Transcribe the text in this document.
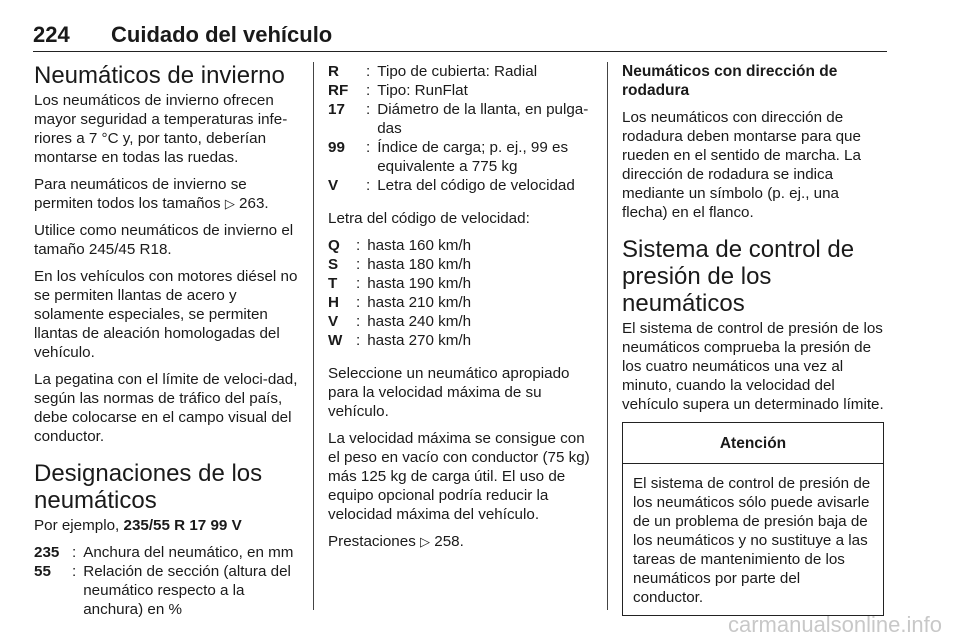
224 Cuidado del vehículo
Neumáticos de invierno

Los neumáticos de invierno ofrecen mayor seguridad a temperaturas infe-riores a 7 °C y, por tanto, deberían montarse en todas las ruedas.

Para neumáticos de invierno se permiten todos los tamaños ▷ 263.

Utilice como neumáticos de invierno el tamaño 245/45 R18.

En los vehículos con motores diésel no se permiten llantas de acero y solamente especiales, se permiten llantas de aleación homologadas del vehículo.

La pegatina con el límite de veloci-dad, según las normas de tráfico del país, debe colocarse en el campo visual del conductor.

Designaciones de los neumáticos

Por ejemplo, 235/55 R 17 99 V

235 : Anchura del neumático, en mm
55	: Relación de sección (altura del neumático respecto a la anchura) en %
R	: Tipo de cubierta: Radial
RF	: Tipo: RunFlat
17	: Diámetro de la llanta, en pulga-das
99	: Índice de carga; p. ej., 99 es equivalente a 775 kg
V	: Letra del código de velocidad

Letra del código de velocidad:

Q	: hasta 160 km/h
S	: hasta 180 km/h
T	: hasta 190 km/h
H	: hasta 210 km/h
V	: hasta 240 km/h
W : hasta 270 km/h

Seleccione un neumático apropiado para la velocidad máxima de su vehículo.

La velocidad máxima se consigue con el peso en vacío con conductor (75 kg) más 125 kg de carga útil. El uso de equipo opcional podría reducir la velocidad máxima del vehículo.

Prestaciones ▷ 258.

Neumáticos con dirección de rodadura

Los neumáticos con dirección de rodadura deben montarse para que rueden en el sentido de marcha. La dirección de rodadura se indica mediante un símbolo (p. ej., una flecha) en el flanco.

Sistema de control de presión de los neumáticos

El sistema de control de presión de los neumáticos comprueba la presión de los cuatro neumáticos una vez al minuto, cuando la velocidad del vehículo supera un determinado límite.

Atención
El sistema de control de presión de los neumáticos sólo puede avisarle de un problema de presión baja de los neumáticos y no sustituye a las tareas de mantenimiento de los neumáticos por parte del conductor.
carmanualsonline.info
